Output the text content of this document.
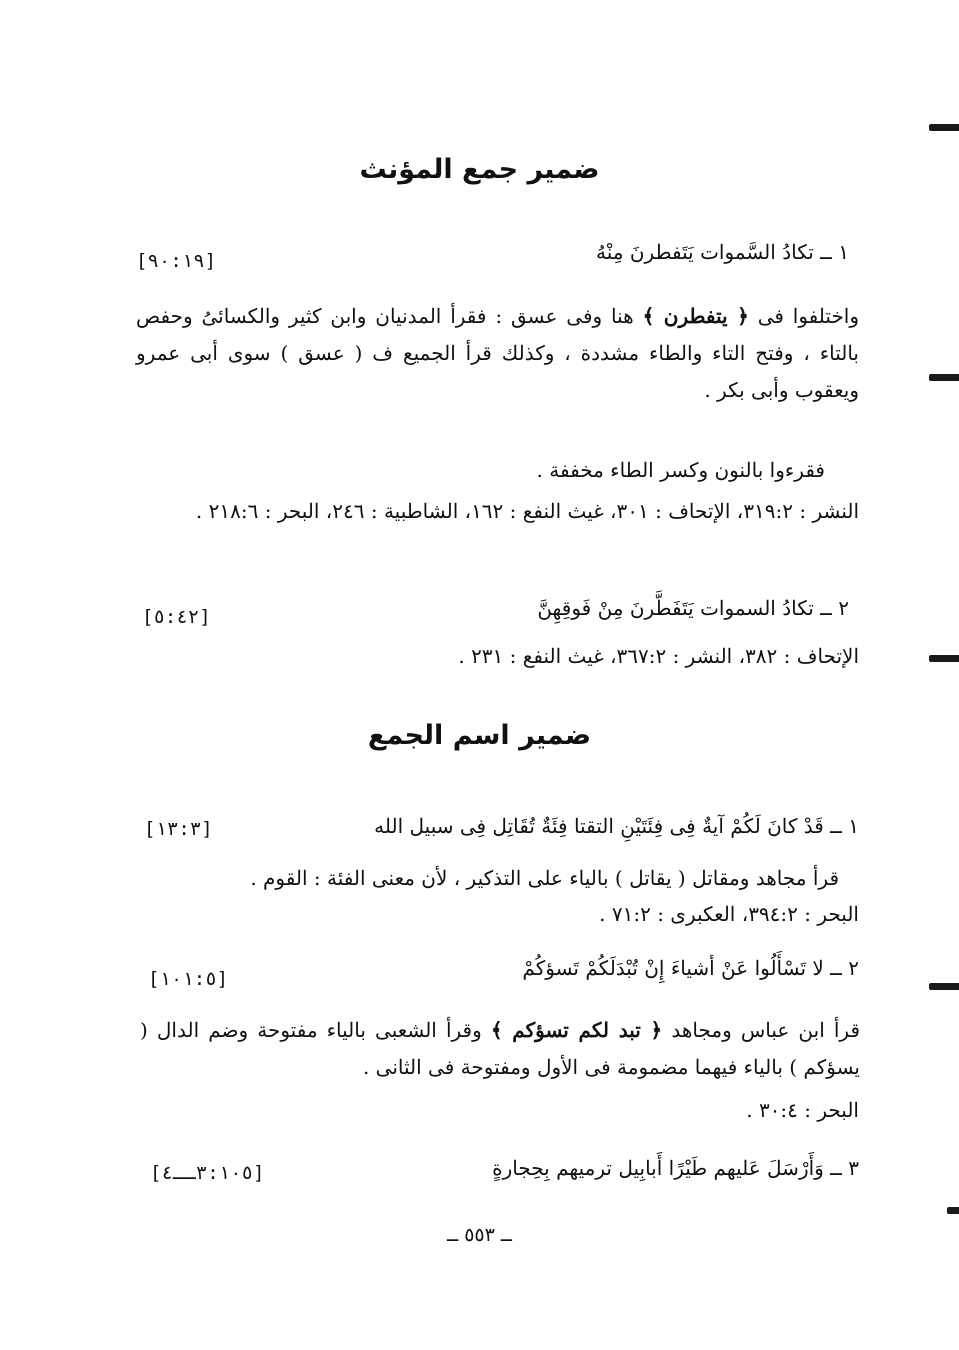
ضمير جمع المؤنث
١ ــ تكادُ السَّموات يَتَفطرنَ مِنْهُ
[٩٠:١٩]
واختلفوا فى ﴿ يتفطرن ﴾ هنا وفى عسق : فقرأ المدنيان وابن كثير والكسائىُ وحفص بالتاء ، وفتح التاء والطاء مشددة ، وكذلك قرأ الجميع ف ( عسق ) سوى أبى عمرو ويعقوب وأبى بكر .
فقرءوا بالنون وكسر الطاء مخففة .
النشر : ٣١٩:٢، الإتحاف : ٣٠١، غيث النفع : ١٦٢، الشاطبية : ٢٤٦، البحر : ٢١٨:٦ .
٢ ــ تكادُ السموات يَتَفَطَّرنَ مِنْ فَوقِهِنَّ
[٥:٤٢]
الإتحاف : ٣٨٢، النشر : ٣٦٧:٢، غيث النفع : ٢٣١ .
ضمير اسم الجمع
١ ــ قَدْ كانَ لَكُمْ آيةٌ فِى فِئَتَيْنِ التقتا فِئَةٌ تُقَاتِل فِى سبيل الله
[١٣:٣]
قرأ مجاهد ومقاتل ( يقاتل ) بالياء على التذكير ، لأن معنى الفئة : القوم .
البحر : ٣٩٤:٢، العكبرى : ٧١:٢ .
٢ ــ لا تَسْأَلُوا عَنْ أشياءَ إِنْ تُبْدَلَكُمْ تَسؤكُمْ
[١٠١:٥]
قرأ ابن عباس ومجاهد ﴿ تبد لكم تسؤكم ﴾ وقرأ الشعبى بالياء مفتوحة وضم الدال ( يسؤكم ) بالياء فيهما مضمومة فى الأول ومفتوحة فى الثانى .
البحر : ٣٠:٤ .
٣ ــ وَأَرْسَلَ عَليهم طَيْرًا أَبابِيل ترميهم بِحِجارةٍ
[٣:١٠٥ــ٤]
ــ ٥٥٣ ــ
